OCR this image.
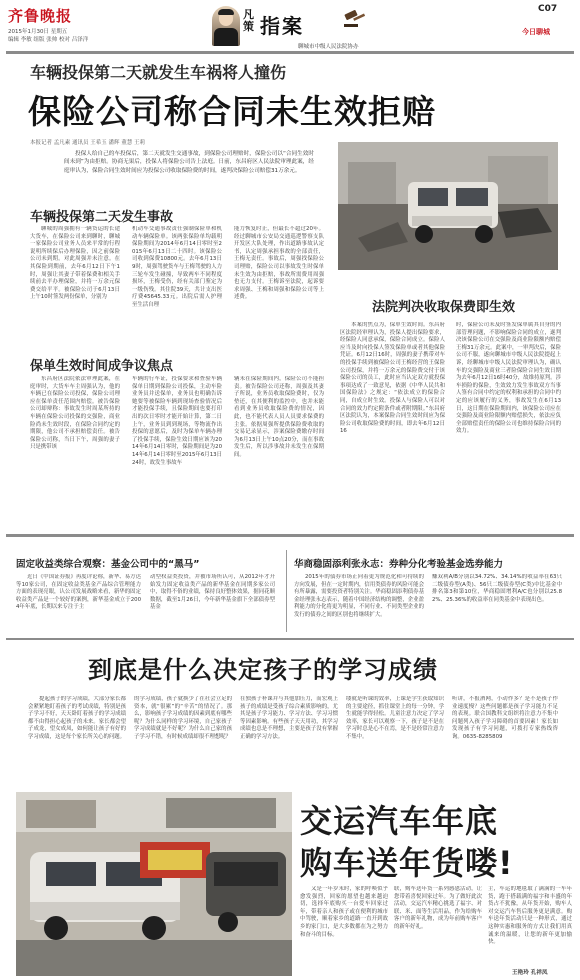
齐鲁晚报
2015年1月30日 星期五
编辑 李敏 组版 张帅 校对 吕泽洋
凡策 指案
聊城市中级人民法院协办
C07
今日聊城
车辆投保第二天就发生车祸将人撞伤
保险公司称合同未生效拒赔
本报记者 孟凡素 通讯员 王希玉 潘辉 董慧 王莉
投保人给自己的车投保后，第二天就发生交通事故，到保险公司理赔时，保险公司以“合同生效时间未到”为由拒赔。协商无果后，投保人将保险公司告上法庭。日前，东昌府区人民法院审理此案，经庭审认为，保险合同生效时间应为投保公司收取保险费的时间，遂判决保险公司赔偿31万余元。
车辆投保第二天发生事故
聊城的周强拥有一辆货运的长途大货车，在保险公司来到聊时，聊城一家保险公司业务人员来平常的行程说明所续保后办理保险，因之前保险公司未到期。对此周强并未注意。在其保险到期前，去年6月12日下午1时，周强让其妻子带着保费和相关手续前去平办理保险，并将一万余元保费交给平平。被保险公司于6月13日上午10时签发两份保单，分别为
机动车交通事故责任强制保险单和机动车辆保险单。该两张保险单均载明保险期间为2014年6月14日零时至2015年6月13日二十四时。该保险公司收到保费10800元。去年6月13日9时，周强驾驶货车与王梅驾驶的人力三轮车发生碰撞，导致两车不同程度损坏，王梅受伤，经有关部门鉴定为一级伤残。其住院39天，共计支出医疗费45645.33元。出院后需人护理至生活自理
能力恢复时止，但最长不超过20年。经过聊城市公安局交通巡逻警察支队开发区大队处理，作出道路事故认定书，认定周强承担事故的全部责任，王梅无责任。事故后，周强找保险公司理赔，保险公司以事故发生时保单未生效为由拒赔，事故所需费用周强也无力支付。王梅诉至法院，起诉要求周强、王梅和周强和保险公司等上述费。
保单生效时间成争议焦点
东昌府区法院依法审理此案，在庭审时，大货车车主周强认为，他的车辆已在保险公司投保，保险公司理应在保单责任范围内赔偿。被告保险公司却辩称：事故发生时周某所持的车辆在保险公司投保的交强险，商业险尚未生效时段，在保险合同约定的期限，他公司不承担赔偿责任。被告保险公司称，当日下午，周强的妻子只是携带该
车辆的行车证，投保要求和查验车辆保单日期到保险公司投保，主动车险业务员并送保单，业务员也明确告诉她要等被保险车辆到现场查验情况后才能投保手续，且保险期间也要打印出的次日零时才能开始计算，第二日上午，业务员到到现场，等物流作出投保的意愿后，及时为保单车辆办理了投保手续，保险生效日期应该为2014年6月14日零时，保险期间是为2014年6月14日零时至2015年6月13日24时，故发生事故车
辆未在保险期间内，保险公司不能担责。被告保险公司还称，周强及其妻子所说，业务员收取保险费时，仅为垫还，在其便利的监控中，也并未能看到业务员收取保险费的情况，因此，也不能代表人员人员要求保费的主张。依据周强所提供保险费收取的交易记录显示，涉案保险费缴存时间为6月13日上午10点20分，而在事故发生后，所以涉事故并未发生在保期间。
法院判决收取保费即生效
本案的焦点为，保单生效时间。东昌府区法院经审理认为，投保人提出保险要求，经保险人同意承保，保险合同成立。保险人应当及时向投保人签发保险单或者其他保险凭证。6月12日16时，周强的妻子携带对车的投保手续到被保险公司王梅经营的王保险公司投保，并将一万余元的保险费交付于该保险公司的员工，此时应当认定双方就投保事项达成了一致意见，依据《中华人民共和国保险法》之规定：“依法成立的保险合同，自成立时生效。投保人与保险人可以对合同的效力约定附条件或者附期限。”东昌府区法院认为，本案保险合同生效时间应为保险公司收取保险费的时间，即去年6月12日16
时，保险公司未及时签发保单属其自身的内部管理问题，不影响保险合同的成立，遂判决该保险公司在交强险及商业险限额内赔偿王梅31万余元。此案中，一审判决后，保险公司不服，遂向聊城市中级人民法院提起上诉，经聊城市中级人民法院审理认为，确认车的交强险及商业三者险保险合同生效日期为去年6月12日16时40分，故维持原判。涉车损险的保险，生效效力发生事故双方当事人签有合同中约定的权利和承担的合同中约定的应该履行的义务，事故发生在6月13日，这日期在保险期间内，该保险公司应在交强险及商业险限额内赔偿损失，依法应负全部赔偿责任的保险公司也维持保险合同的效力。
固定收益类综合观察：基金公司中的“黑马”
近日《中国证券报》再度评论称，新华、易方达等10家公司，在固定收益类基金产品综合管理能力方面的表现亮眼，认公司发展战略来看，新华的固定收益类产品是一个较好的案例，新华基金成立于2004年年底，长期以来专注于主
动型权益类投资，并被市场所认可，从2012年才开始发力固定收益类产品的新华基金在同期多家公司中，取得不俗的业绩，保持良好整体效果，据同花顺数据，截至1月26日，今年新华基金旗下全部债券型基金
华商稳固添利张永志：券种分化考验基金选券能力
2015年的债券市场正向着更为规范化和可持续的方向发展，但在一定时期内，信用类债券的风险可能会有所暴露，需要投资者特别关注。华商稳固添利债券基金经理张永志表示，随着中国经济结构的调整，企业盈利能力的分化将更为明显，不同行业、不同类型企业的发行的债券之间的区别也将继续扩大。
赚双利A/B分别以34.72%、34.14%的收益率在63只二级债券型(A类)、56只二级债券型(C类)中比基金中排名第3和第10位，华商稳固增利A/C也分别以25.82%、25.36%的收益率在同类基金中表现出色。
到底是什么决定孩子的学习成绩
提起孩子的学习成绩，大部分家长都会紧紧地盯着孩子的考试成绩，特别是孩子学习不好，天天卧盯着孩子的学习成绩都不由得担心起孩子的未来。家长都会望子成龙，望女成凤，如何能让孩子有好的学习成绩，这是每个家长所关心的问题。
的学习成绩，孩子就换少了在社会立足的资本，就“很累”的“辛苦”的情况了。那么，影响孩子学习成绩的因素到底有哪些呢？为什么同样的学习环境，自己家孩子学习成绩就是不好呢？为什么自己家的孩子学习不错，有时候成绩却很不理想呢？
在独孩子补课并与其他加压力，而宏观上孩子的成绩是受孩子综合素质影响的，尤其是孩子学习能力、学习方法、学习习惯等因素影响。有些孩子天天用功，其学习成绩也总是不理想，主要是孩子没有掌握正确的学习方法。
缕就是听课的效率，上课是学生获取知识的主要途径，抓住课堂上的每一分钟，学生就能学得轻松。儿童注意力决定了学习效率，家长可以观察一下，孩子是不是在学习时总是心不在焉，是不是经常注意力不集中。
听讲，不报酒网，小动作多？是不是孩子作业速度慢？这些问题都是孩子学习能力不足的表现。联合国教科文组织将注意力不集中问题列入孩子学习障碍的首要因素！家长如发现孩子有学习问题，可拨打专家热线咨询。0635-8285809
交运汽车年底
购车送年货喽!
又是一年岁末时，家的呼唤似乎愈发强烈，回家的愿望也越来越迫切，选择年底购买一台爱车回家过年，带着亲人和孩子或在便利的城市中驾驶，顺着家乡的道路一直开到故乡的家门口，是大多数都在为之努力和奋斗的目标。
联，购车送年货一系列感恩活动，让您带着喜悦回家过年。为了做好此次活动，交运汽车精心挑选了福字、对联、米、面等生活用品，作为给购车客户的新年礼物，成为年前购车客户的新年好礼。
主，车运的地毯取了满满的一车年货，跑于搭载满的福字和丰盛的年货占不犹豫，从年货开始，购车人对交运汽车售后服务更是满意。购车送年货活动只是一种形式，通过这种实惠和服务的方式让我们用真诚来的温暖，让您的新年更加愉快。
王艳玲 孔祥凤
